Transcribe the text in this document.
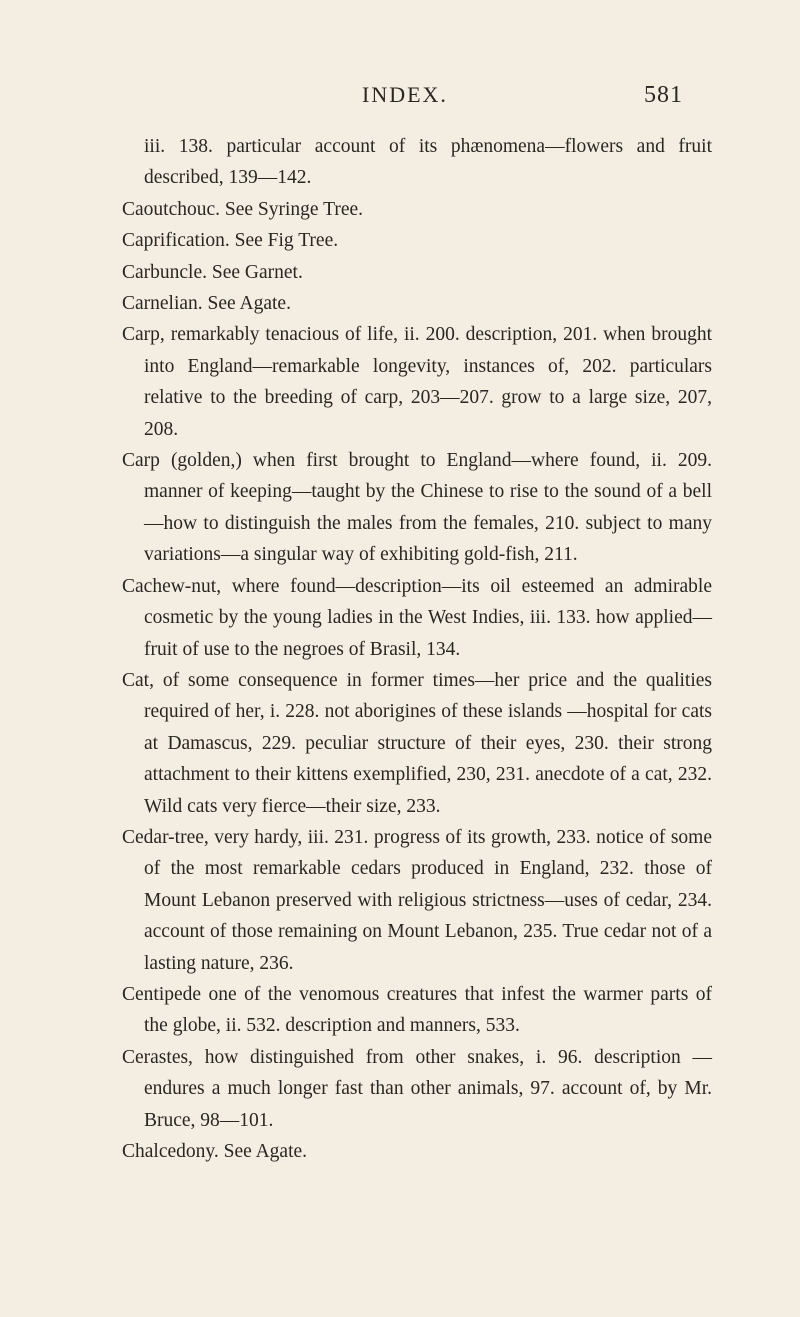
INDEX.	581

iii. 138. particular account of its phænomena—flowers and fruit described, 139—142.

Caoutchouc. See Syringe Tree.

Caprification. See Fig Tree.

Carbuncle. See Garnet.

Carnelian. See Agate.

Carp, remarkably tenacious of life, ii. 200. description, 201. when brought into England—remarkable longevity, instances of, 202. particulars relative to the breeding of carp, 203—207. grow to a large size, 207, 208.

Carp (golden,) when first brought to England—where found, ii. 209. manner of keeping—taught by the Chinese to rise to the sound of a bell—how to distinguish the males from the females, 210. subject to many variations—a singular way of exhibiting gold-fish, 211.

Cachew-nut, where found—description—its oil esteemed an admirable cosmetic by the young ladies in the West Indies, iii. 133. how applied—fruit of use to the negroes of Brasil, 134.

Cat, of some consequence in former times—her price and the qualities required of her, i. 228. not aborigines of these islands —hospital for cats at Damascus, 229. peculiar structure of their eyes, 230. their strong attachment to their kittens exemplified, 230, 231. anecdote of a cat, 232. Wild cats very fierce—their size, 233.

Cedar-tree, very hardy, iii. 231. progress of its growth, 233. notice of some of the most remarkable cedars produced in England, 232. those of Mount Lebanon preserved with religious strictness—uses of cedar, 234. account of those remaining on Mount Lebanon, 235. True cedar not of a lasting nature, 236.

Centipede one of the venomous creatures that infest the warmer parts of the globe, ii. 532. description and manners, 533.

Cerastes, how distinguished from other snakes, i. 96. description — endures a much longer fast than other animals, 97. account of, by Mr. Bruce, 98—101.

Chalcedony. See Agate.
